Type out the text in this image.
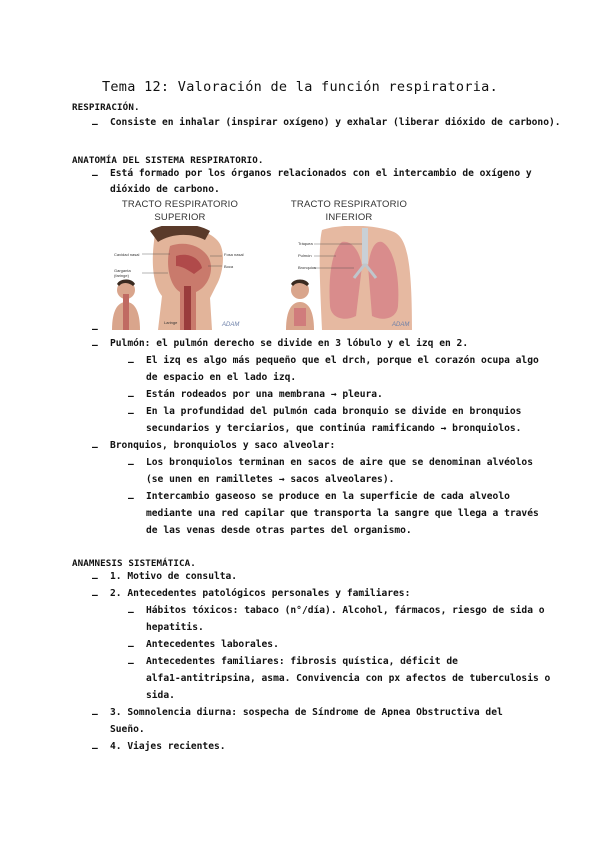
Tema 12: Valoración de la función respiratoria.
RESPIRACIÓN.
– Consiste en inhalar (inspirar oxígeno) y exhalar (liberar dióxido de carbono).
ANATOMÍA DEL SISTEMA RESPIRATORIO.
– Está formado por los órganos relacionados con el intercambio de oxígeno y
dióxido de carbono.
TRACTO RESPIRATORIO
SUPERIOR
Cavidad nasal	Fosa nasal
Boca
Garganta (faringe)
Laringe	ADAM
TRACTO RESPIRATORIO
INFERIOR
Tráquea
Pulmón
Bronquios
ADAM
–
– Pulmón: el pulmón derecho se divide en 3 lóbulo y el izq en 2.
– El izq es algo más pequeño que el drch, porque el corazón ocupa algo
de espacio en el lado izq.
– Están rodeados por una membrana → pleura.
– En la profundidad del pulmón cada bronquio se divide en bronquios
secundarios y terciarios, que continúa ramificando → bronquiolos.
– Bronquios, bronquiolos y saco alveolar:
– Los bronquiolos terminan en sacos de aire que se denominan alvéolos
(se unen en ramilletes → sacos alveolares).
– Intercambio gaseoso se produce en la superficie de cada alveolo
mediante una red capilar que transporta la sangre que llega a través
de las venas desde otras partes del organismo.
ANAMNESIS SISTEMÁTICA.
– 1. Motivo de consulta.
– 2. Antecedentes patológicos personales y familiares:
– Hábitos tóxicos: tabaco (n°/día). Alcohol, fármacos, riesgo de sida o
hepatitis.
– Antecedentes laborales.
– Antecedentes familiares: fibrosis quística, déficit de
alfa1-antitripsina, asma. Convivencia con px afectos de tuberculosis o
sida.
– 3. Somnolencia diurna: sospecha de Síndrome de Apnea Obstructiva del
Sueño.
– 4. Viajes recientes.
